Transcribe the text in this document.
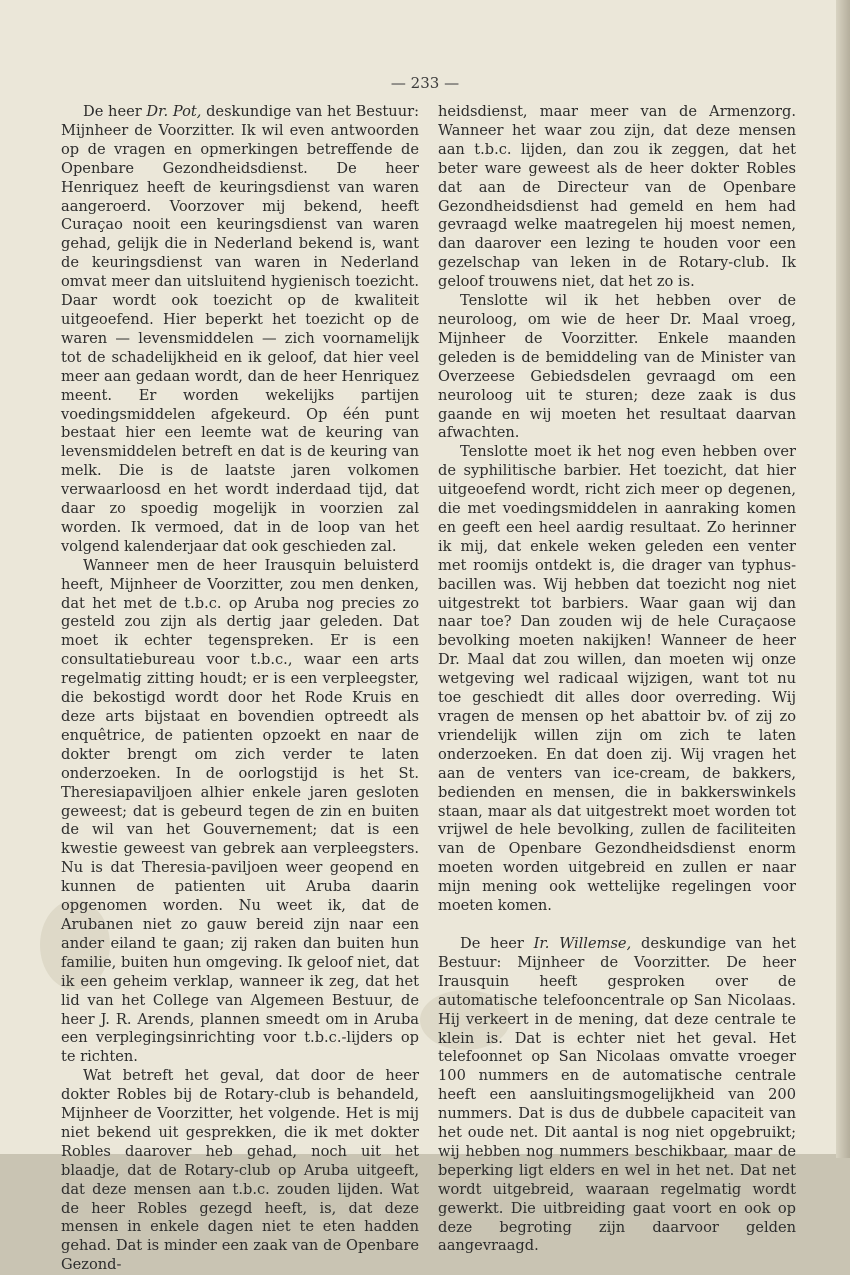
— 233 —

De heer Dr. Pot, deskundige van het Bestuur: Mijnheer de Voorzitter. Ik wil even antwoorden op de vragen en opmerkingen betreffende de Openbare Gezondheidsdienst. De heer Henriquez heeft de keuringsdienst van waren aangeroerd. Voorzover mij bekend, heeft Curaçao nooit een keuringsdienst van waren gehad, gelijk die in Nederland bekend is, want de keuringsdienst van waren in Nederland omvat meer dan uitsluitend hygienisch toezicht. Daar wordt ook toezicht op de kwaliteit uitgeoefend. Hier beperkt het toezicht op de waren — levensmiddelen — zich voornamelijk tot de schadelijkheid en ik geloof, dat hier veel meer aan gedaan wordt, dan de heer Henriquez meent. Er worden wekelijks partijen voedingsmiddelen afgekeurd. Op één punt bestaat hier een leemte wat de keuring van levensmiddelen betreft en dat is de keuring van melk. Die is de laatste jaren volkomen verwaarloosd en het wordt inderdaad tijd, dat daar zo spoedig mogelijk in voorzien zal worden. Ik vermoed, dat in de loop van het volgend kalenderjaar dat ook geschieden zal.

Wanneer men de heer Irausquin beluisterd heeft, Mijnheer de Voorzitter, zou men denken, dat het met de t.b.c. op Aruba nog precies zo gesteld zou zijn als dertig jaar geleden. Dat moet ik echter tegenspreken. Er is een consultatiebureau voor t.b.c., waar een arts regelmatig zitting houdt; er is een verpleegster, die bekostigd wordt door het Rode Kruis en deze arts bijstaat en bovendien optreedt als enquêtrice, de patienten opzoekt en naar de dokter brengt om zich verder te laten onderzoeken. In de oorlogstijd is het St. Theresiapaviljoen alhier enkele jaren gesloten geweest; dat is gebeurd tegen de zin en buiten de wil van het Gouvernement; dat is een kwestie geweest van gebrek aan verpleegsters. Nu is dat Theresia-paviljoen weer geopend en kunnen de patienten uit Aruba daarin opgenomen worden. Nu weet ik, dat de Arubanen niet zo gauw bereid zijn naar een ander eiland te gaan; zij raken dan buiten hun familie, buiten hun omgeving. Ik geloof niet, dat ik een geheim verklap, wanneer ik zeg, dat het lid van het College van Algemeen Bestuur, de heer J. R. Arends, plannen smeedt om in Aruba een verplegingsinrichting voor t.b.c.-lijders op te richten.

Wat betreft het geval, dat door de heer dokter Robles bij de Rotary-club is behandeld, Mijnheer de Voorzitter, het volgende. Het is mij niet bekend uit gesprekken, die ik met dokter Robles daarover heb gehad, noch uit het blaadje, dat de Rotary-club op Aruba uitgeeft, dat deze mensen aan t.b.c. zouden lijden. Wat de heer Robles gezegd heeft, is, dat deze mensen in enkele dagen niet te eten hadden gehad. Dat is minder een zaak van de Openbare Gezond-

heidsdienst, maar meer van de Armenzorg. Wanneer het waar zou zijn, dat deze mensen aan t.b.c. lijden, dan zou ik zeggen, dat het beter ware geweest als de heer dokter Robles dat aan de Directeur van de Openbare Gezondheidsdienst had gemeld en hem had gevraagd welke maatregelen hij moest nemen, dan daarover een lezing te houden voor een gezelschap van leken in de Rotary-club. Ik geloof trouwens niet, dat het zo is.

Tenslotte wil ik het hebben over de neuroloog, om wie de heer Dr. Maal vroeg, Mijnheer de Voorzitter. Enkele maanden geleden is de bemiddeling van de Minister van Overzeese Gebiedsdelen gevraagd om een neuroloog uit te sturen; deze zaak is dus gaande en wij moeten het resultaat daarvan afwachten.

Tenslotte moet ik het nog even hebben over de syphilitische barbier. Het toezicht, dat hier uitgeoefend wordt, richt zich meer op degenen, die met voedingsmiddelen in aanraking komen en geeft een heel aardig resultaat. Zo herinner ik mij, dat enkele weken geleden een venter met roomijs ontdekt is, die drager van typhus-bacillen was. Wij hebben dat toezicht nog niet uitgestrekt tot barbiers. Waar gaan wij dan naar toe? Dan zouden wij de hele Curaçaose bevolking moeten nakijken! Wanneer de heer Dr. Maal dat zou willen, dan moeten wij onze wetgeving wel radicaal wijzigen, want tot nu toe geschiedt dit alles door overreding. Wij vragen de mensen op het abattoir bv. of zij zo vriendelijk willen zijn om zich te laten onderzoeken. En dat doen zij. Wij vragen het aan de venters van ice-cream, de bakkers, bedienden en mensen, die in bakkerswinkels staan, maar als dat uitgestrekt moet worden tot vrijwel de hele bevolking, zullen de faciliteiten van de Openbare Gezondheidsdienst enorm moeten worden uitgebreid en zullen er naar mijn mening ook wettelijke regelingen voor moeten komen.

De heer Ir. Willemse, deskundige van het Bestuur: Mijnheer de Voorzitter. De heer Irausquin heeft gesproken over de automatische telefooncentrale op San Nicolaas. Hij verkeert in de mening, dat deze centrale te klein is. Dat is echter niet het geval. Het telefoonnet op San Nicolaas omvatte vroeger 100 nummers en de automatische centrale heeft een aansluitingsmogelijkheid van 200 nummers. Dat is dus de dubbele capaciteit van het oude net. Dit aantal is nog niet opgebruikt; wij hebben nog nummers beschikbaar, maar de beperking ligt elders en wel in het net. Dat net wordt uitgebreid, waaraan regelmatig wordt gewerkt. Die uitbreiding gaat voort en ook op deze begroting zijn daarvoor gelden aangevraagd.
